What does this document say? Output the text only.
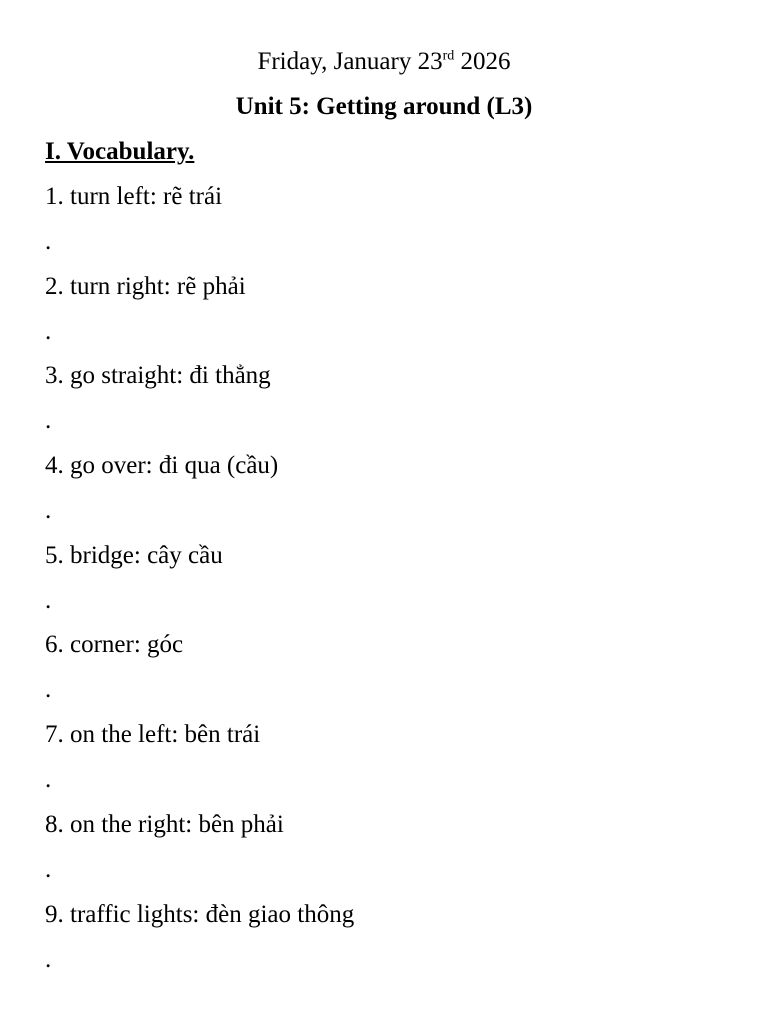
Friday, January 23rd 2026
Unit 5: Getting around (L3)
I. Vocabulary.
1. turn left: rẽ trái
.
2. turn right: rẽ phải
.
3. go straight: đi thẳng
.
4. go over: đi qua (cầu)
.
5. bridge: cây cầu
.
6. corner: góc
.
7. on the left: bên trái
.
8. on the right: bên phải
.
9. traffic lights: đèn giao thông
.
